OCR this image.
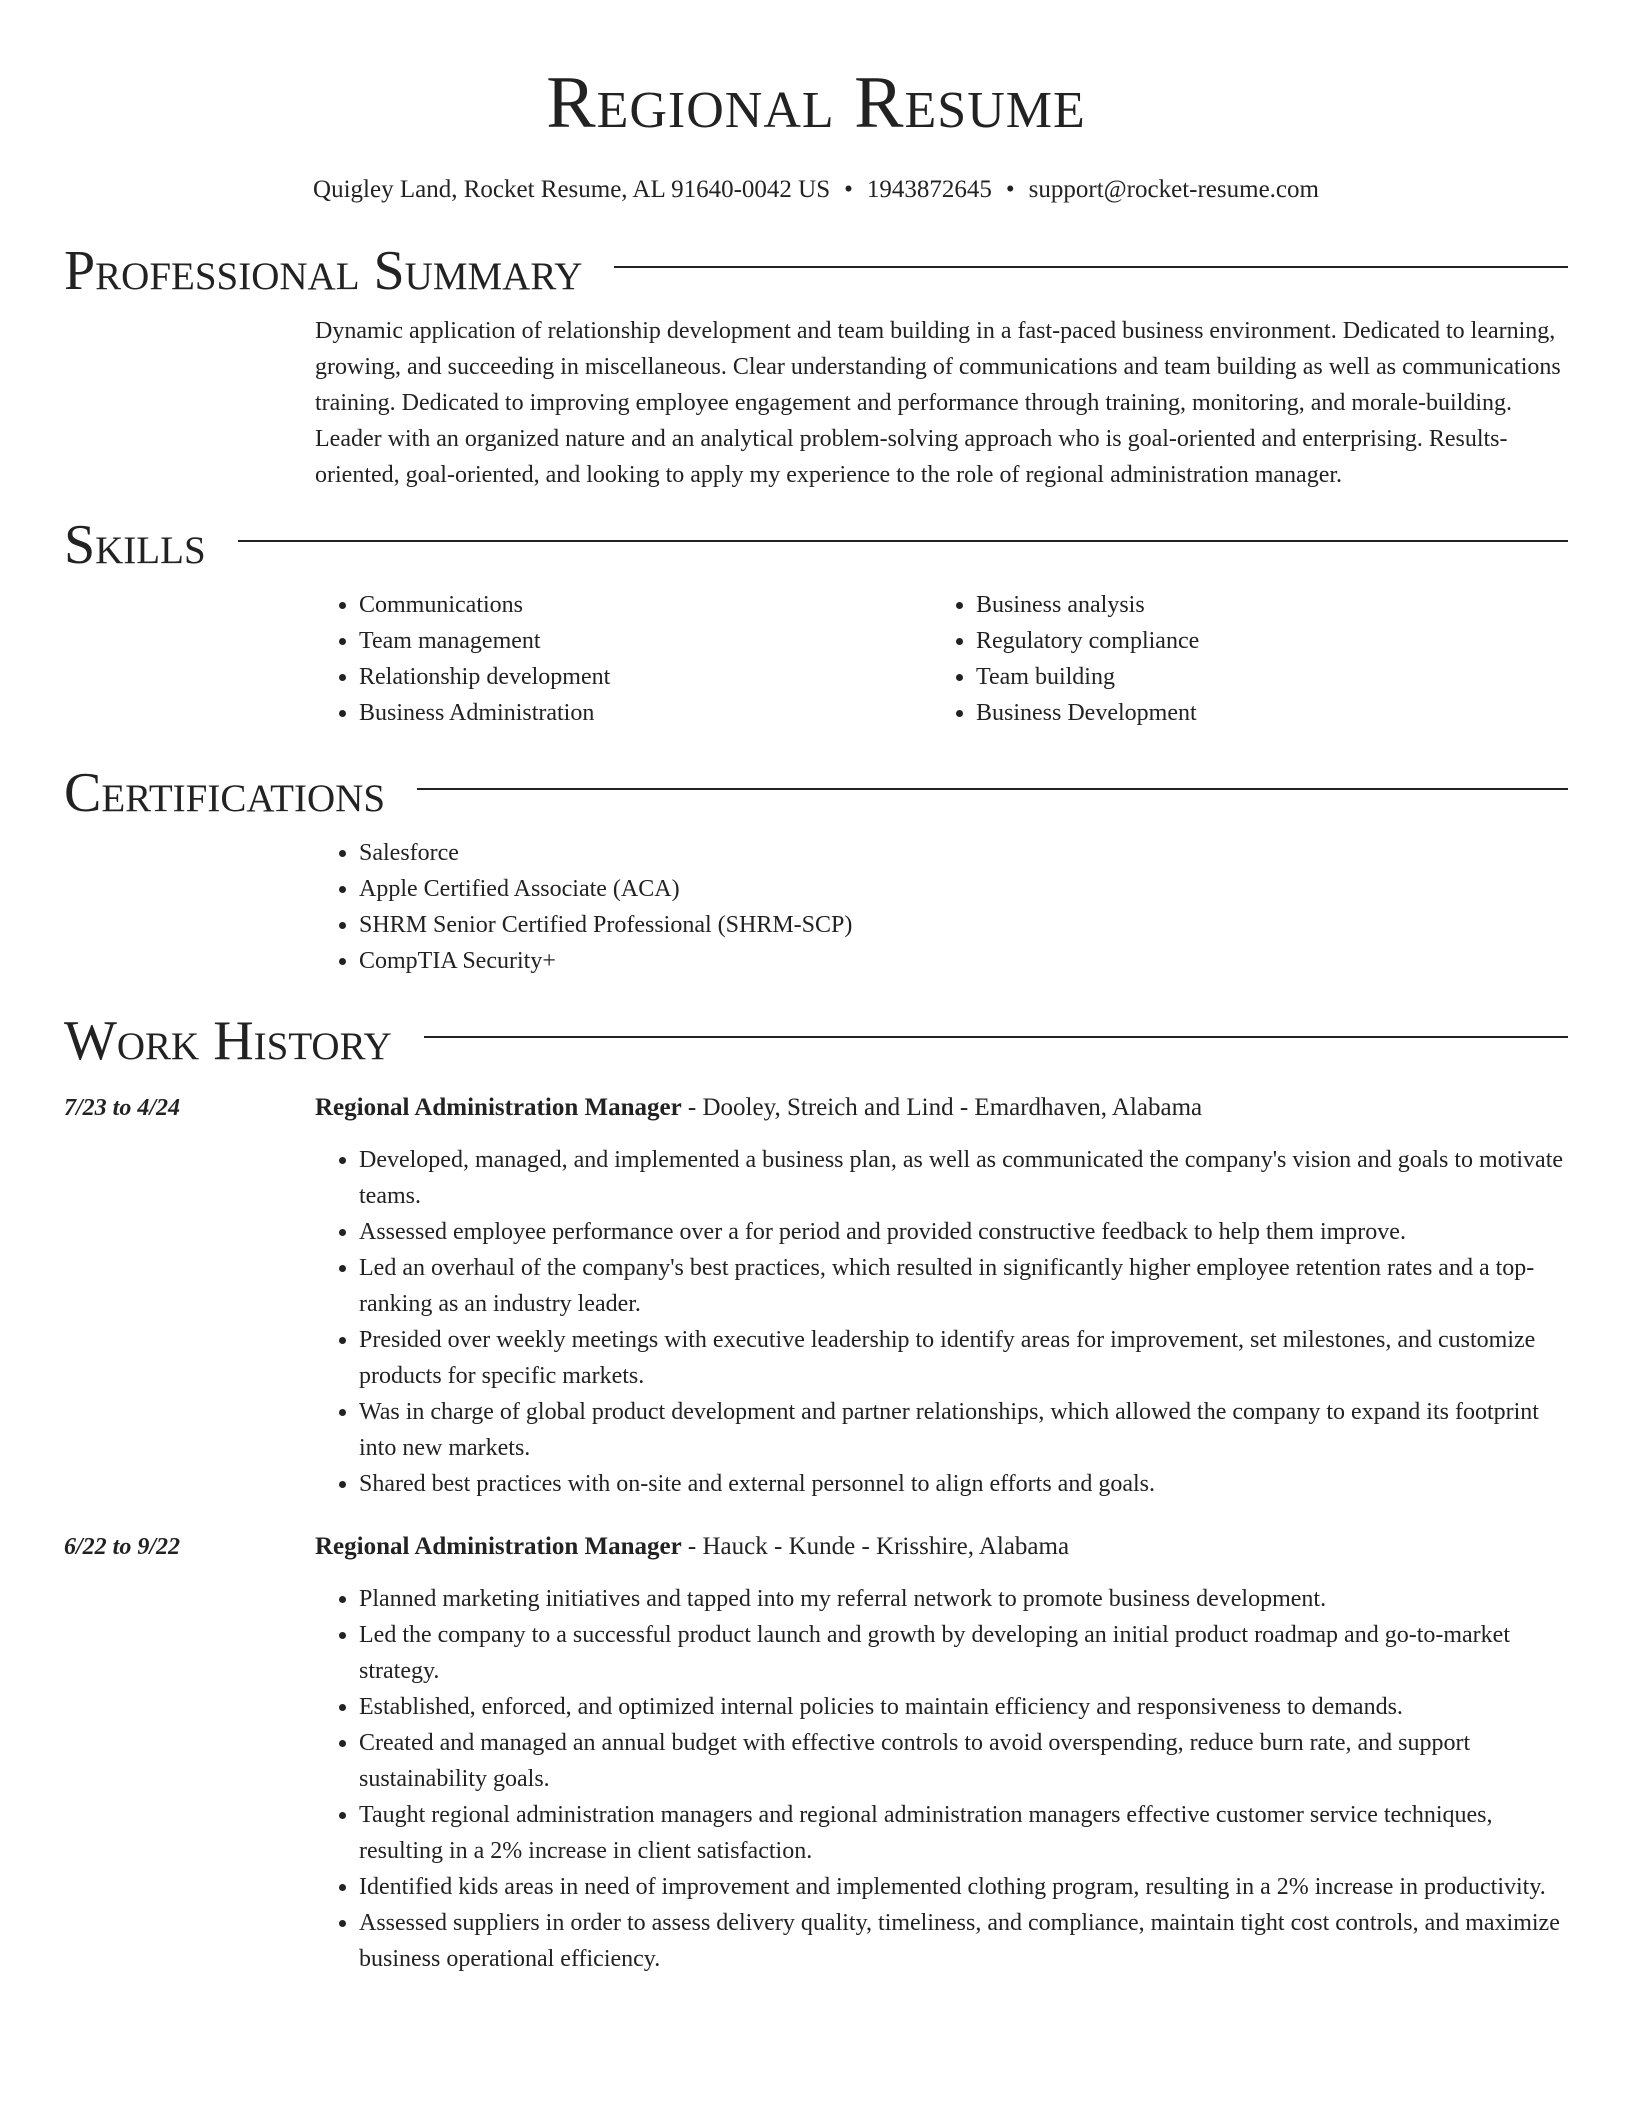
Regional Resume
Quigley Land, Rocket Resume, AL 91640-0042 US • 1943872645 • support@rocket-resume.com
Professional Summary
Dynamic application of relationship development and team building in a fast-paced business environment. Dedicated to learning, growing, and succeeding in miscellaneous. Clear understanding of communications and team building as well as communications training. Dedicated to improving employee engagement and performance through training, monitoring, and morale-building. Leader with an organized nature and an analytical problem-solving approach who is goal-oriented and enterprising. Results-oriented, goal-oriented, and looking to apply my experience to the role of regional administration manager.
Skills
• Communications
• Team management
• Relationship development
• Business Administration
• Business analysis
• Regulatory compliance
• Team building
• Business Development
Certifications
• Salesforce
• Apple Certified Associate (ACA)
• SHRM Senior Certified Professional (SHRM-SCP)
• CompTIA Security+
Work History
7/23 to 4/24	Regional Administration Manager - Dooley, Streich and Lind - Emardhaven, Alabama
• Developed, managed, and implemented a business plan, as well as communicated the company's vision and goals to motivate teams.
• Assessed employee performance over a for period and provided constructive feedback to help them improve.
• Led an overhaul of the company's best practices, which resulted in significantly higher employee retention rates and a top-ranking as an industry leader.
• Presided over weekly meetings with executive leadership to identify areas for improvement, set milestones, and customize products for specific markets.
• Was in charge of global product development and partner relationships, which allowed the company to expand its footprint into new markets.
• Shared best practices with on-site and external personnel to align efforts and goals.
6/22 to 9/22	Regional Administration Manager - Hauck - Kunde - Krisshire, Alabama
• Planned marketing initiatives and tapped into my referral network to promote business development.
• Led the company to a successful product launch and growth by developing an initial product roadmap and go-to-market strategy.
• Established, enforced, and optimized internal policies to maintain efficiency and responsiveness to demands.
• Created and managed an annual budget with effective controls to avoid overspending, reduce burn rate, and support sustainability goals.
• Taught regional administration managers and regional administration managers effective customer service techniques, resulting in a 2% increase in client satisfaction.
• Identified kids areas in need of improvement and implemented clothing program, resulting in a 2% increase in productivity.
• Assessed suppliers in order to assess delivery quality, timeliness, and compliance, maintain tight cost controls, and maximize business operational efficiency.
